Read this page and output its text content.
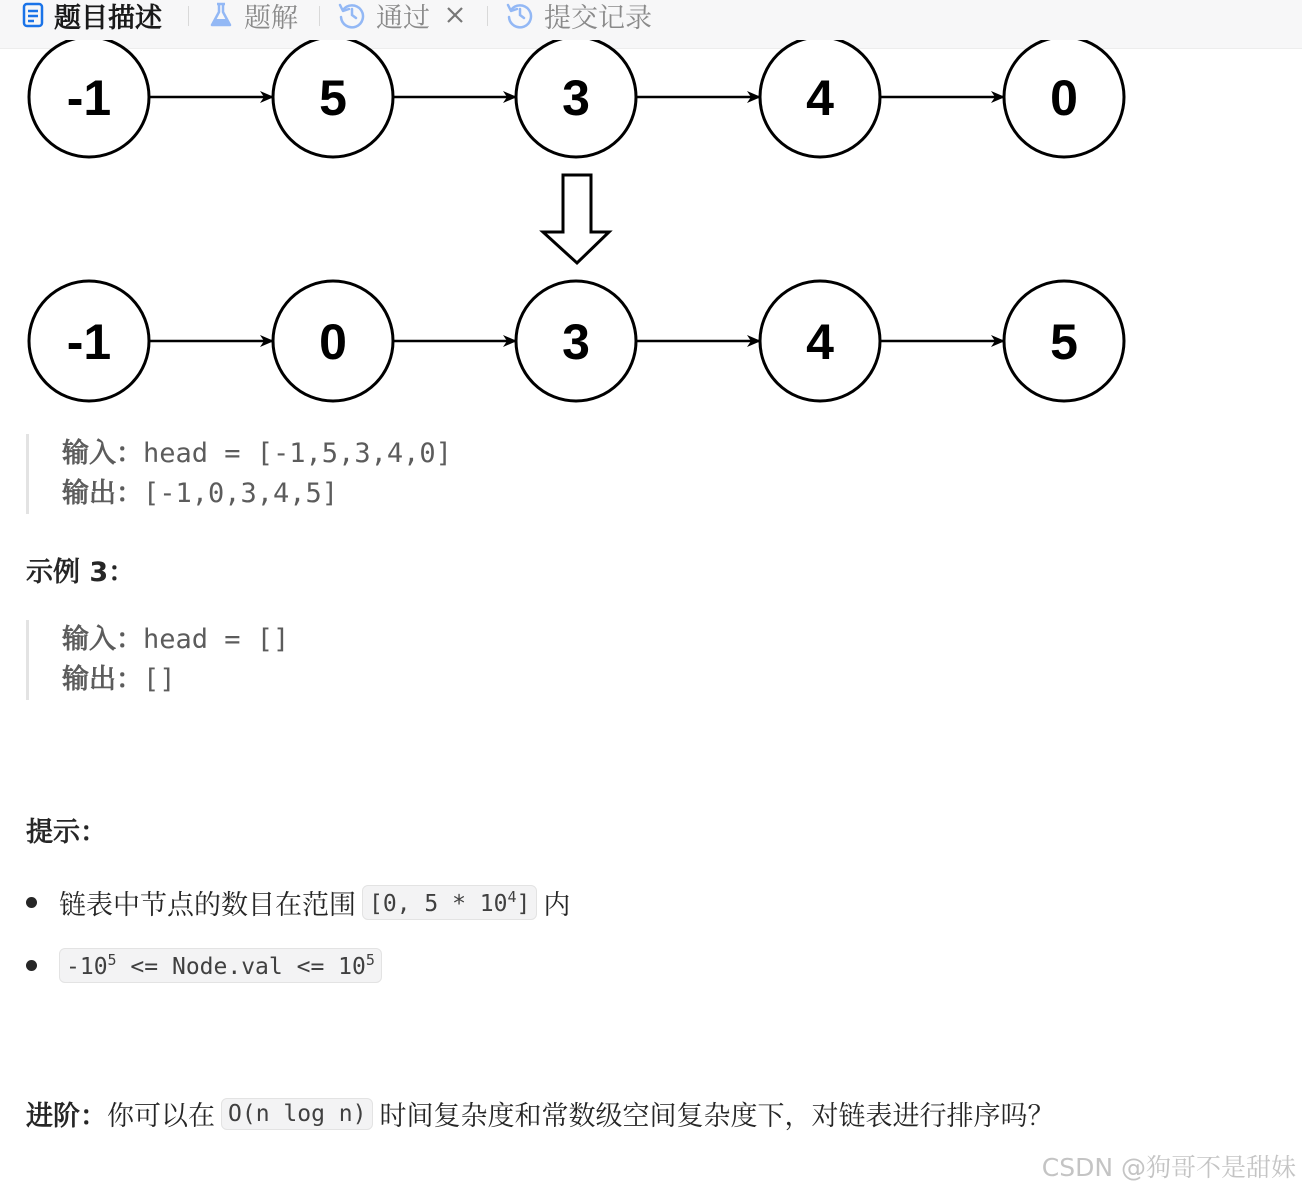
题目描述	题解	通过	提交记录
-1	5	3	4	0
-1	0	3	4	5
输入：head = [-1,5,3,4,0]
输出：[-1,0,3,4,5]
示例 3：
输入：head = []
输出：[]
提示：
链表中节点的数目在范围 [0, $5 * 10^4$] 内
$-10^5$ <= Node.val <= $10^5$
进阶： 你可以在 O(n log n) 时间复杂度和常数级空间复杂度下，对链表进行排序吗？
CSDN @狗哥不是甜妹
